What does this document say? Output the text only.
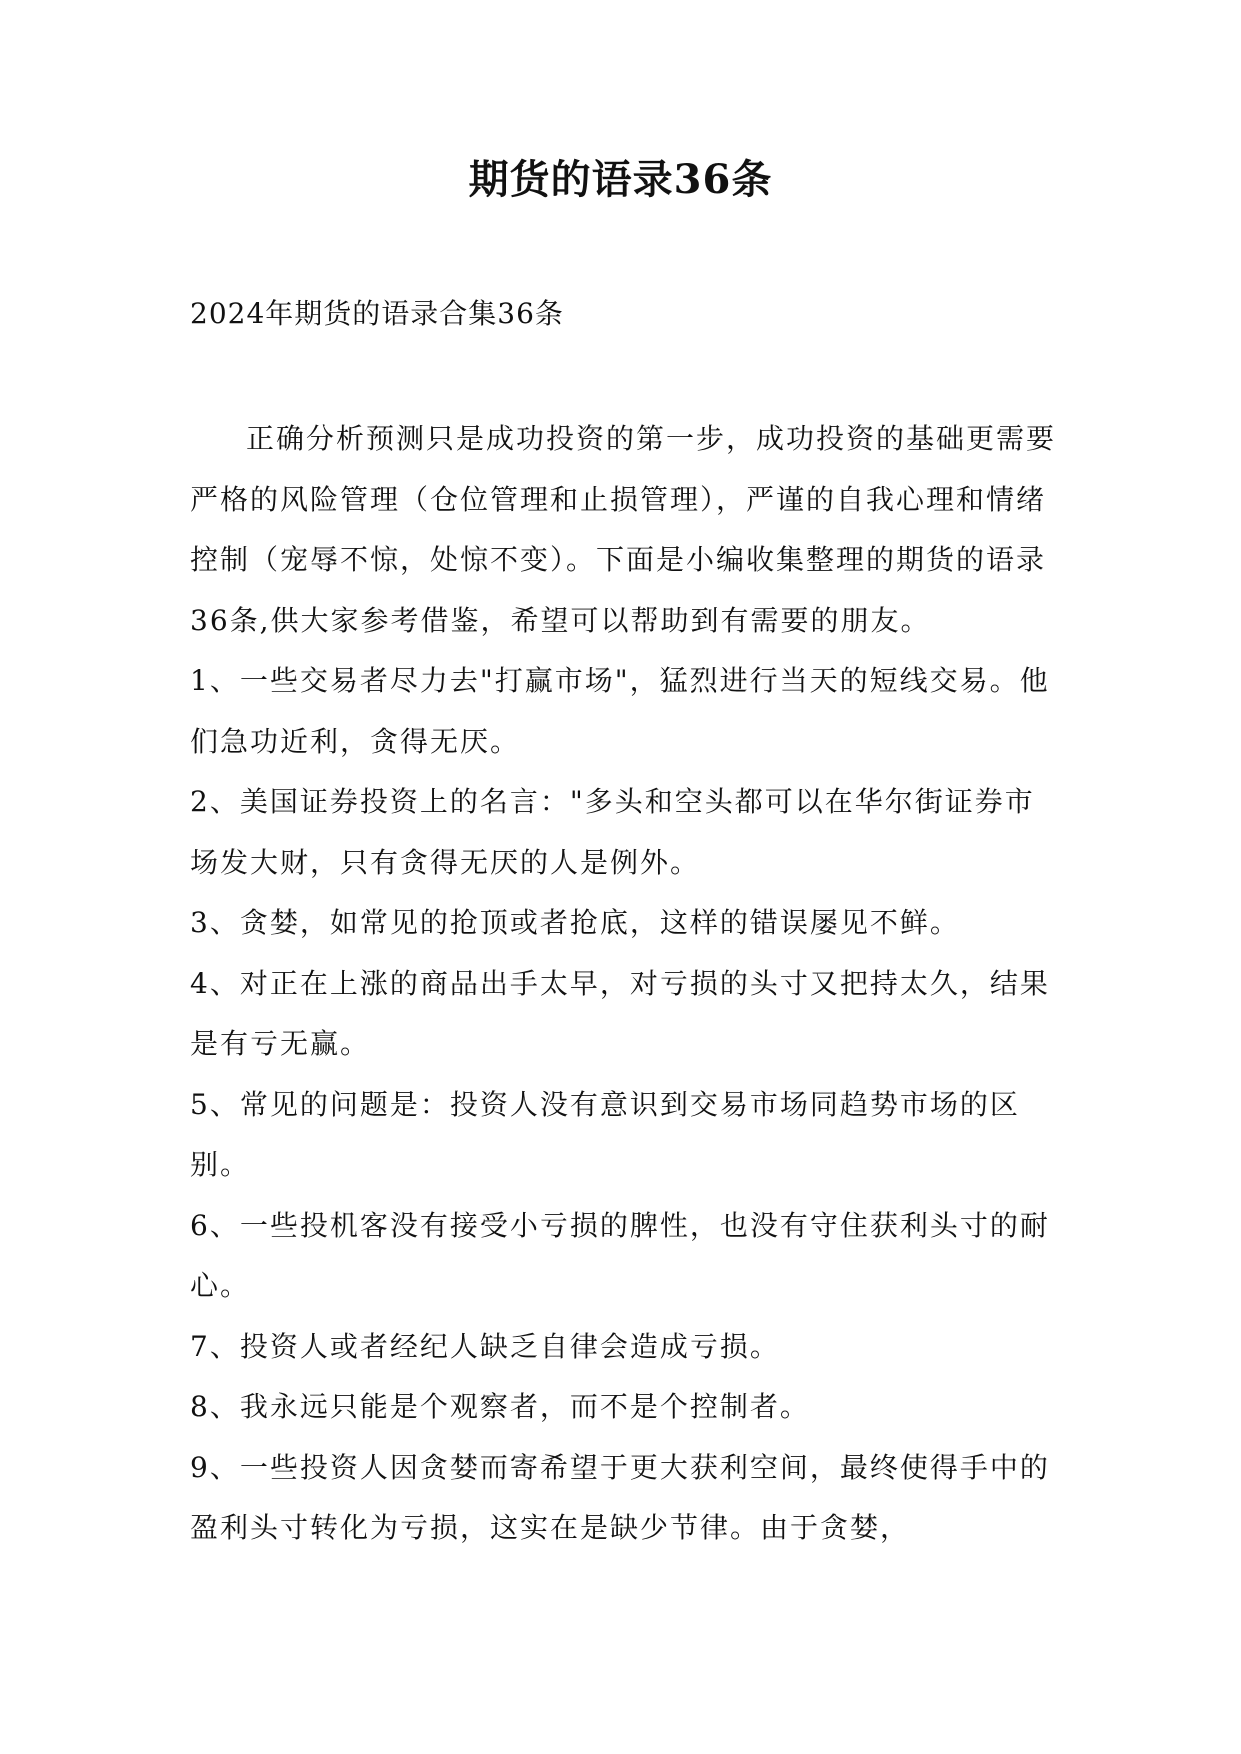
期货的语录36条
2024年期货的语录合集36条

正确分析预测只是成功投资的第一步，成功投资的基础更需要严格的风险管理（仓位管理和止损管理），严谨的自我心理和情绪控制（宠辱不惊，处惊不变）。下面是小编收集整理的期货的语录36条,供大家参考借鉴，希望可以帮助到有需要的朋友。

1、一些交易者尽力去"打赢市场"，猛烈进行当天的短线交易。他们急功近利，贪得无厌。

2、美国证券投资上的名言："多头和空头都可以在华尔街证券市场发大财，只有贪得无厌的人是例外。

3、贪婪，如常见的抢顶或者抢底，这样的错误屡见不鲜。

4、对正在上涨的商品出手太早，对亏损的头寸又把持太久，结果是有亏无赢。

5、常见的问题是：投资人没有意识到交易市场同趋势市场的区别。

6、一些投机客没有接受小亏损的脾性，也没有守住获利头寸的耐心。

7、投资人或者经纪人缺乏自律会造成亏损。

8、我永远只能是个观察者，而不是个控制者。

9、一些投资人因贪婪而寄希望于更大获利空间，最终使得手中的盈利头寸转化为亏损，这实在是缺少节律。由于贪婪，
